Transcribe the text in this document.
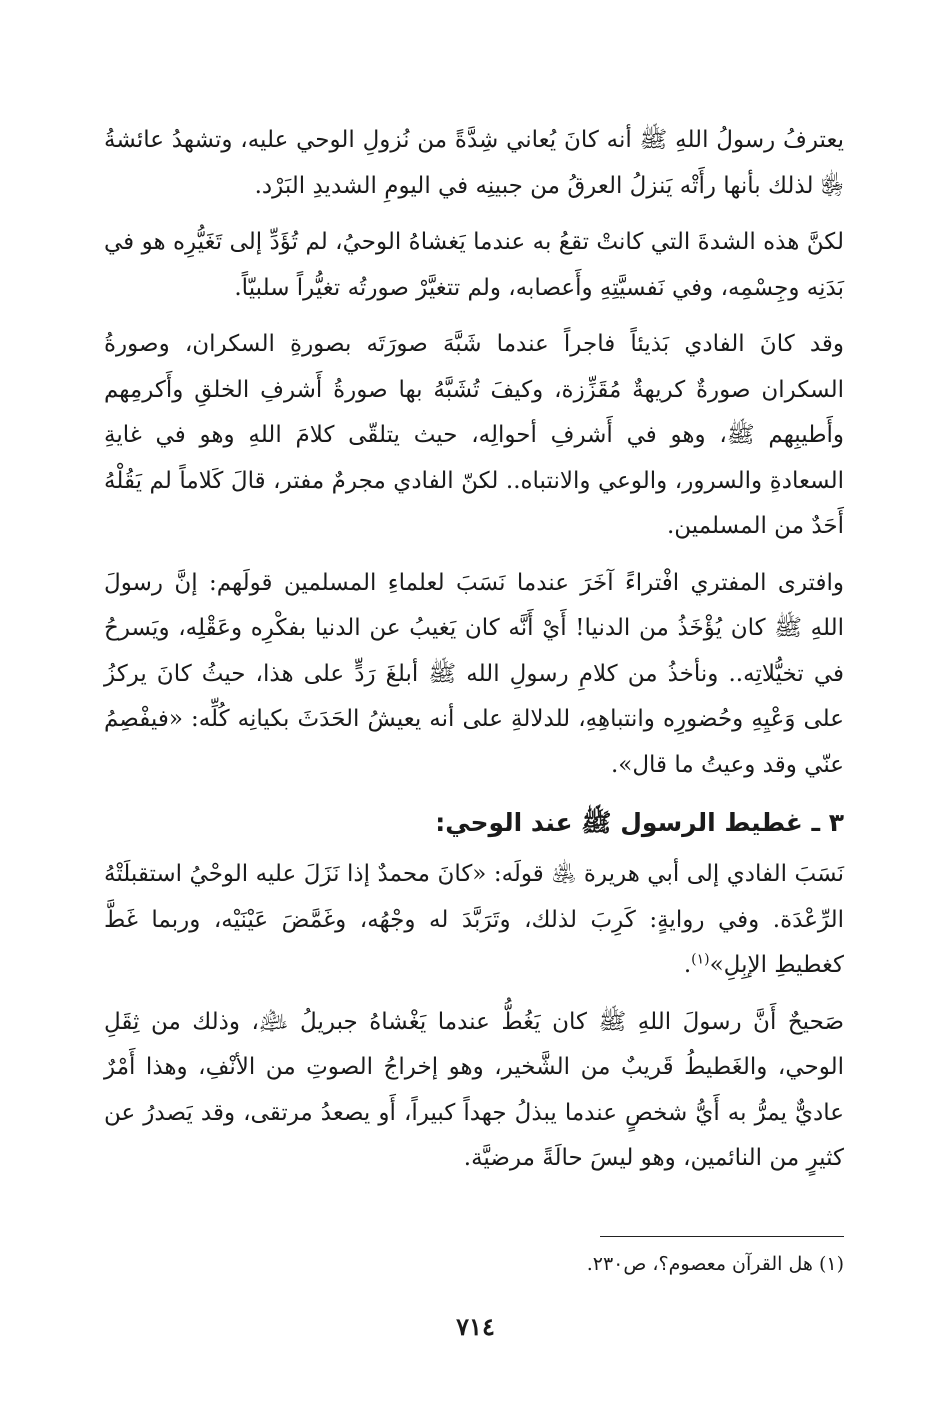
يعترفُ رسولُ اللهِ ﷺ أنه كانَ يُعاني شِدَّةً من نُزولِ الوحي عليه، وتشهدُ عائشةُ ﵂ لذلك بأنها رأَتْه يَنزلُ العرقُ من جبينِه في اليومِ الشديدِ البَرْد.

لكنَّ هذه الشدةَ التي كانتْ تقعُ به عندما يَغشاهُ الوحيُ، لم تُؤَدِّ إلى تَغَيُّرِه هو في بَدَنِه وجِسْمِه، وفي نَفسيَّتِهِ وأَعصابه، ولم تتغيَّرْ صورتُه تغيُّراً سلبيّاً.

وقد كانَ الفادي بَذيئاً فاجراً عندما شَبَّهَ صورَتَه بصورةِ السكران، وصورةُ السكران صورةٌ كريهةٌ مُقَزِّزة، وكيفَ تُشَبَّهُ بها صورةُ أَشرفِ الخلقِ وأَكرمِهم وأَطيبِهم ﷺ، وهو في أَشرفِ أحوالِه، حيث يتلقّى كلامَ اللهِ وهو في غايةِ السعادةِ والسرور، والوعي والانتباه.. لكنّ الفادي مجرمٌ مفتر، قالَ كَلاماً لم يَقُلْهُ أَحَدٌ من المسلمين.

وافترى المفتري افْتراءً آخَرَ عندما نَسَبَ لعلماءِ المسلمين قولَهم: إنَّ رسولَ اللهِ ﷺ كان يُؤْخَذُ من الدنيا! أَيْ أَنَّه كان يَغيبُ عن الدنيا بفكْرِه وعَقْلِه، ويَسرحُ في تخيُّلاتِه.. ونأخذُ من كلامِ رسولِ الله ﷺ أبلغَ رَدٍّ على هذا، حيثُ كانَ يركزُ على وَعْيِهِ وحُضورِه وانتباهِهِ، للدلالةِ على أنه يعيشُ الحَدَثَ بكيانِه كُلِّه: «فيفْصِمُ عنّي وقد وعيتُ ما قال».

٣ ـ غطيط الرسول ﷺ عند الوحي:

نَسَبَ الفادي إلى أبي هريرة ﵁ قولَه: «كانَ محمدٌ إذا نَزَلَ عليه الوحْيُ استقبلَتْهُ الرِّعْدَة. وفي روايةٍ: كَرِبَ لذلك، وتَرَبَّدَ له وجْهُه، وغَمَّضَ عَيْنَيْه، وربما غَطَّ كغطيطِ الإبِلِ»$^{(١)}$.

صَحيحٌ أَنَّ رسولَ اللهِ ﷺ كان يَغُطُّ عندما يَغْشاهُ جبريلُ ﵇، وذلك من ثِقَلِ الوحي، والغَطيطُ قَريبٌ من الشَّخير، وهو إخراجُ الصوتِ من الأنْفِ، وهذا أَمْرٌ عاديٌّ يمرُّ به أَيُّ شخصٍ عندما يبذلُ جهداً كبيراً، أَو يصعدُ مرتقى، وقد يَصدرُ عن كثيرٍ من النائمين، وهو ليسَ حالَةً مرضيَّة.

(١) هل القرآن معصوم؟، ص٢٣٠.
٧١٤
